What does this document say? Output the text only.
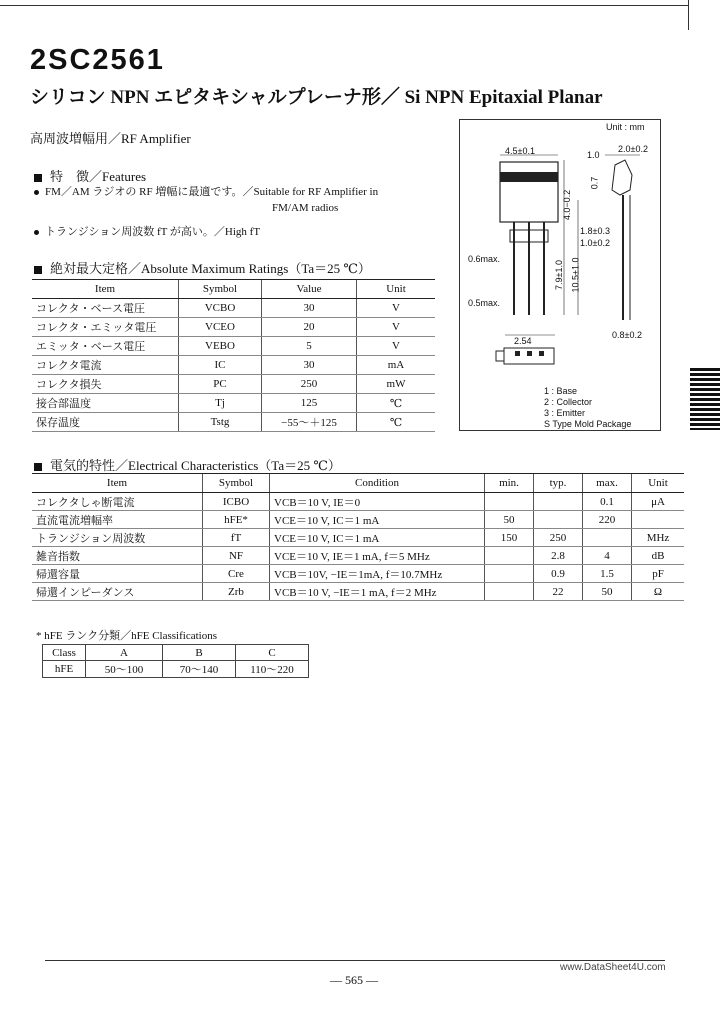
2SC2561
シリコン NPN エピタキシャルプレーナ形／ Si NPN Epitaxial Planar
高周波増幅用／RF Amplifier
特　徴／Features
FM／AM ラジオの RF 増幅に最適です。／Suitable for RF Amplifier in
FM/AM radios
トランジション周波数 fT が高い。／High fT
絶対最大定格／Absolute Maximum Ratings（Ta＝25 ℃）
Item	Symbol	Value	Unit
コレクタ・ベース電圧	VCBO	30	V
コレクタ・エミッタ電圧	VCEO	20	V
エミッタ・ベース電圧	VEBO	5	V
コレクタ電流	IC	30	mA
コレクタ損失	PC	250	mW
接合部温度	Tj	125	℃
保存温度	Tstg	−55～＋125	℃
Unit : mm
4.5±0.1	2.0±0.2
1.0
0.7
4.0−0.2
1.8±0.3
1.0±0.2
0.8±0.2
7.9±1.0 10.5±1.0
0.6max.
0.5max.
2.54
1 : Base
2 : Collector
3 : Emitter
S Type Mold Package
電気的特性／Electrical Characteristics（Ta＝25 ℃）
Item	Symbol	Condition	min.	typ.	max.	Unit
コレクタしゃ断電流	ICBO	VCB＝10 V, IE＝0			0.1	μA
直流電流増幅率	hFE*	VCE＝10 V, IC＝1 mA	50		220	
トランジション周波数	fT	VCE＝10 V, IC＝1 mA	150	250		MHz
雑音指数	NF	VCE＝10 V, IE＝1 mA, f＝5 MHz		2.8	4	dB
帰還容量	Cre	VCB＝10V, −IE＝1mA, f＝10.7MHz		0.9	1.5	pF
帰還インピーダンス	Zrb	VCB＝10 V, −IE＝1 mA, f＝2 MHz		22	50	Ω
* hFE ランク分類／hFE Classifications
Class	A	B	C
hFE	50～100	70～140	110～220
www.DataSheet4U.com
— 565 —
